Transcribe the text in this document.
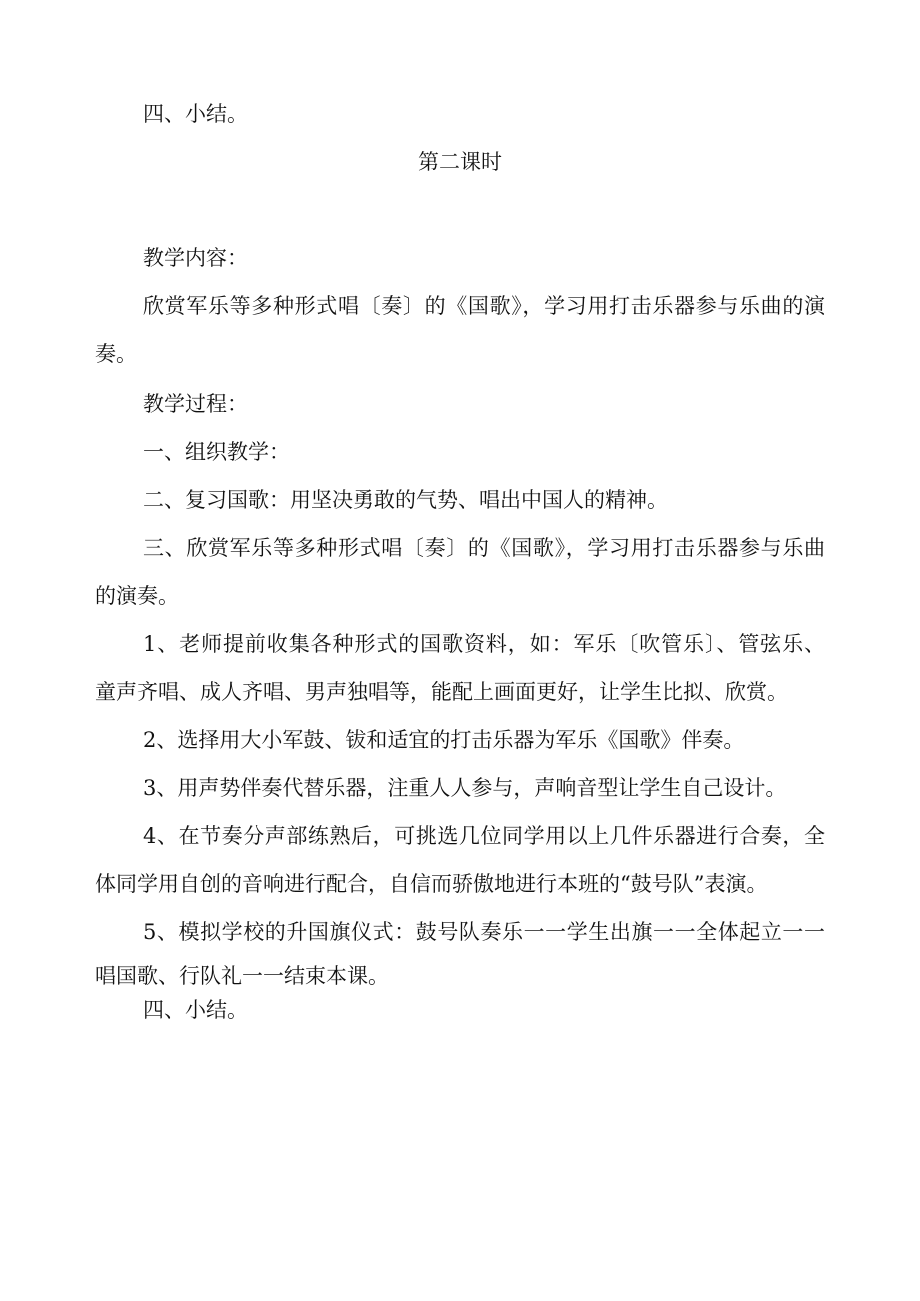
四、小结。
第二课时
教学内容：
欣赏军乐等多种形式唱〔奏〕的《国歌》，学习用打击乐器参与乐曲的演
奏。
教学过程：
一、组织教学：
二、复习国歌：用坚决勇敢的气势、唱出中国人的精神。
三、欣赏军乐等多种形式唱〔奏〕的《国歌》，学习用打击乐器参与乐曲
的演奏。
1、老师提前收集各种形式的国歌资料，如：军乐〔吹管乐〕、管弦乐、
童声齐唱、成人齐唱、男声独唱等，能配上画面更好，让学生比拟、欣赏。
2、选择用大小军鼓、钹和适宜的打击乐器为军乐《国歌》伴奏。
3、用声势伴奏代替乐器，注重人人参与，声响音型让学生自己设计。
4、在节奏分声部练熟后，可挑选几位同学用以上几件乐器进行合奏，全
体同学用自创的音响进行配合，自信而骄傲地进行本班的“鼓号队”表演。
5、模拟学校的升国旗仪式：鼓号队奏乐一一学生出旗一一全体起立一一
唱国歌、行队礼一一结束本课。
四、小结。
